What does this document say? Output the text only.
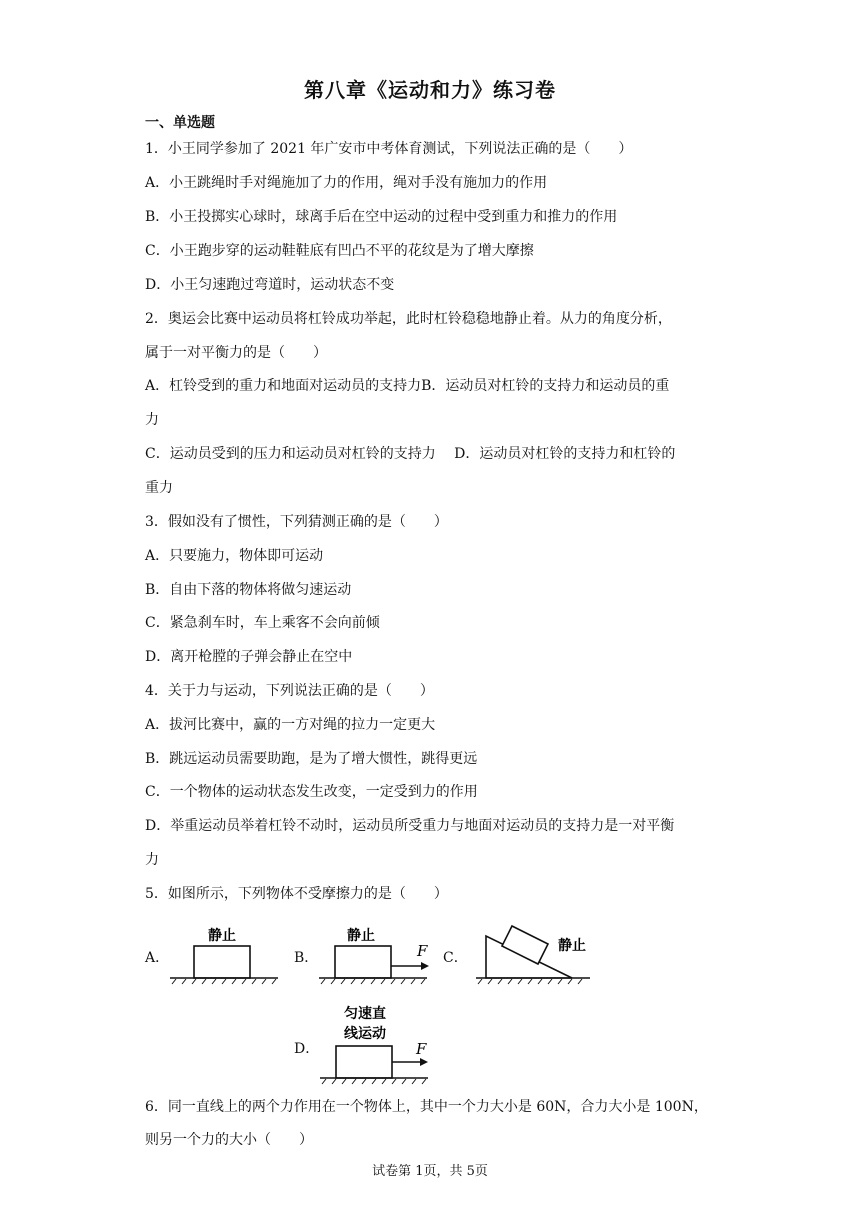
第八章《运动和力》练习卷
一、单选题
1．小王同学参加了 2021 年广安市中考体育测试，下列说法正确的是（　　）
A．小王跳绳时手对绳施加了力的作用，绳对手没有施加力的作用
B．小王投掷实心球时，球离手后在空中运动的过程中受到重力和推力的作用
C．小王跑步穿的运动鞋鞋底有凹凸不平的花纹是为了增大摩擦
D．小王匀速跑过弯道时，运动状态不变
2．奥运会比赛中运动员将杠铃成功举起，此时杠铃稳稳地静止着。从力的角度分析，
属于一对平衡力的是（　　）
A．杠铃受到的重力和地面对运动员的支持力B．运动员对杠铃的支持力和运动员的重
力
C．运动员受到的压力和运动员对杠铃的支持力　 D．运动员对杠铃的支持力和杠铃的
重力
3．假如没有了惯性，下列猜测正确的是（　　）
A．只要施力，物体即可运动
B．自由下落的物体将做匀速运动
C．紧急刹车时，车上乘客不会向前倾
D．离开枪膛的子弹会静止在空中
4．关于力与运动，下列说法正确的是（　　）
A．拔河比赛中，赢的一方对绳的拉力一定更大
B．跳远运动员需要助跑，是为了增大惯性，跳得更远
C．一个物体的运动状态发生改变，一定受到力的作用
D．举重运动员举着杠铃不动时，运动员所受重力与地面对运动员的支持力是一对平衡
力
5．如图所示，下列物体不受摩擦力的是（　　）
A．	B．	C．
D．
静止	静止
F	静止
匀速直
线运动
F
6．同一直线上的两个力作用在一个物体上，其中一个力大小是 60N，合力大小是 100N，
则另一个力的大小（　　）
试卷第 1页，共 5页
